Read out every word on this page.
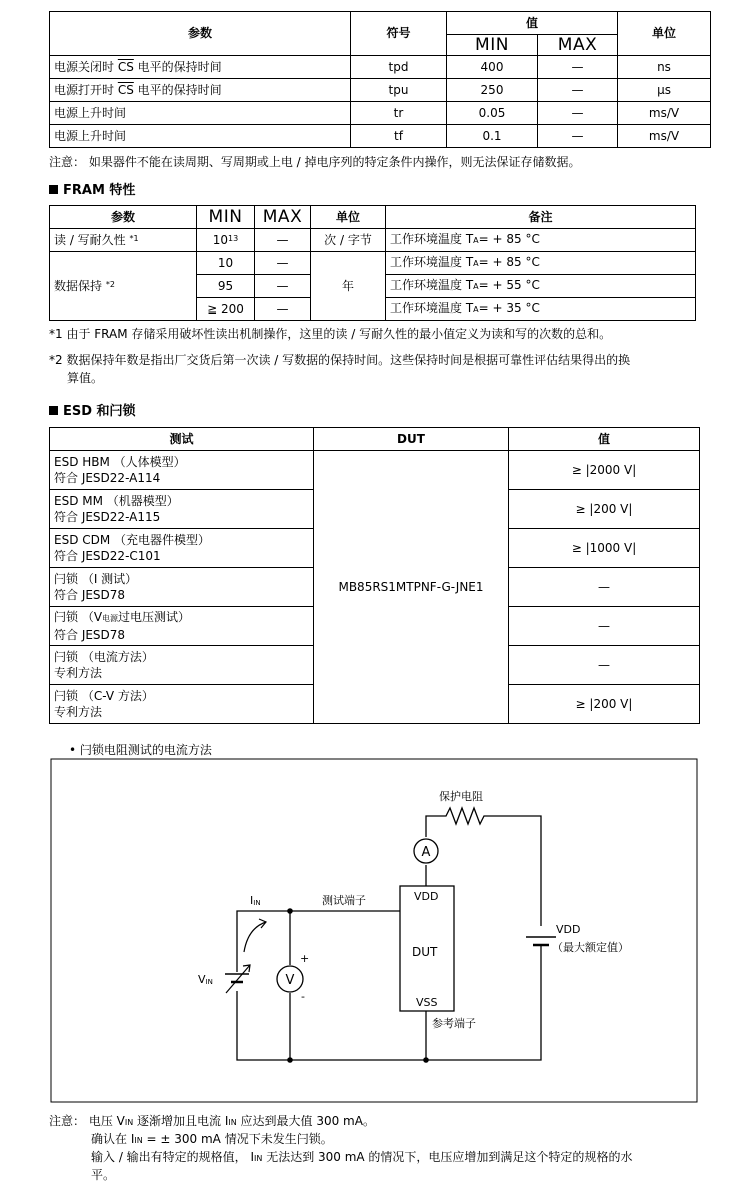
参数	符号	值		单位
		MIN	MAX	
电源关闭时 $\overline{CS}$ 电平的保持时间	tpd	400	—	ns
电源打开时 $\overline{CS}$ 电平的保持时间	tpu	250	—	µs
电源上升时间	tr	0.05	—	ms/V
电源上升时间	tf	0.1	—	ms/V
注意： 如果器件不能在读周期、写周期或上电 / 掉电序列的特定条件内操作，则无法保证存储数据。
FRAM 特性
参数	MIN	MAX	单位	备注
读 / 写耐久性 $^{*1}$	$10^{13}$	—	次 / 字节	工作环境温度 TA= + 85 °C
数据保持 $^{*2}$	10	—	年	工作环境温度 TA= + 85 °C
	95	—		工作环境温度 TA= + 55 °C
	≧ 200	—		工作环境温度 TA= + 35 °C
*1 由于 FRAM 存储采用破坏性读出机制操作，这里的读 / 写耐久性的最小值定义为读和写的次数的总和。
*2 数据保持年数是指出厂交货后第一次读 / 写数据的保持时间。这些保持时间是根据可靠性评估结果得出的换
算值。
ESD 和闩锁
测试	DUT	值
ESD HBM （人体模型）
符合 JESD22-A114	MB85RS1MTPNF-G-JNE1	≥ |2000 V|
ESD MM （机器模型）
符合 JESD22-A115		≥ |200 V|
ESD CDM （充电器件模型）
符合 JESD22-C101		≥ |1000 V|
闩锁 （I 测试）
符合 JESD78		—
闩锁 （V电源过电压测试）
符合 JESD78		—
闩锁 （电流方法）
专利方法		—
闩锁 （C-V 方法）
专利方法		≥ |200 V|
• 闩锁电阻测试的电流方法
保护电阻
A
VDD
DUT
VSS
VDD
（最大额定值）
VIN	V
+
-
IIN	测试端子
参考端子
注意： 电压 VIN 逐渐增加且电流 IIN 应达到最大值 300 mA。
确认在 IIN = ± 300 mA 情况下未发生闩锁。
输入 / 输出有特定的规格值， IIN 无法达到 300 mA 的情况下，电压应增加到满足这个特定的规格的水
平。
